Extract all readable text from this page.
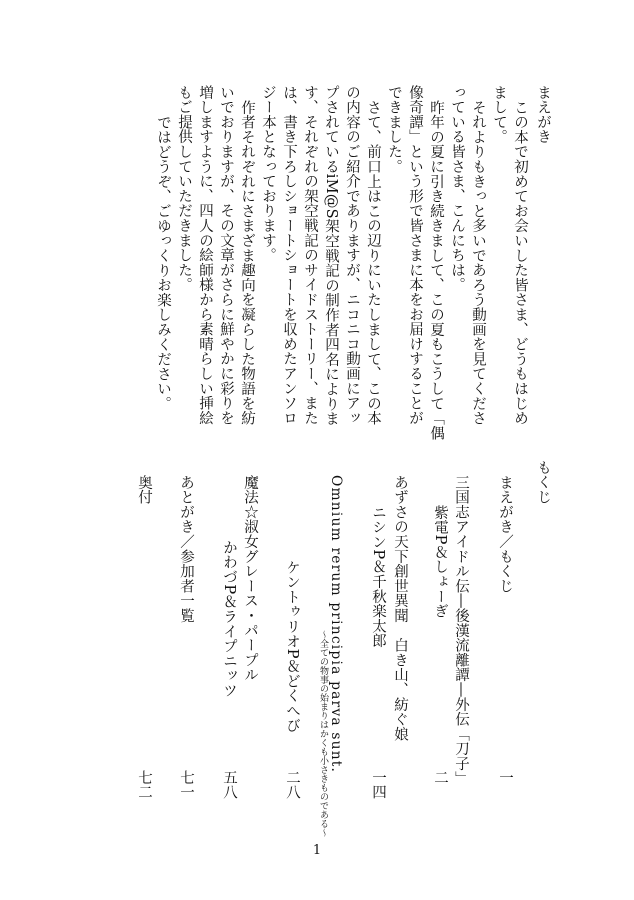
まえがき
この本で初めてお会いした皆さま、どうもはじめ
まして。
それよりもきっと多いであろう動画を見てくださ
っている皆さま、こんにちは。
昨年の夏に引き続きまして、この夏もこうして「偶
像奇譚」という形で皆さまに本をお届けすることが
できました。
さて、前口上はこの辺りにいたしまして、この本
の内容のご紹介でありますが、ニコニコ動画にアッ
プされているiM@S架空戦記の制作者四名によりま
す、それぞれの架空戦記のサイドストーリー、また
は、書き下ろしショートショートを収めたアンソロ
ジー本となっております。
作者それぞれにさまざま趣向を凝らした物語を紡
いでおりますが、その文章がさらに鮮やかに彩りを
増しますように、四人の絵師様から素晴らしい挿絵
もご提供していただきました。
ではどうぞ、ごゆっくりお楽しみください。
もくじ
まえがき／もくじ
一
三国志アイドル伝―後漢流離譚―外伝「刀子」
紫電P＆しょーぎ
二
あずさの天下創世異聞　白き山、紡ぐ娘
ニシンP＆千秋楽太郎
一四
Omnium rerum principia parva sunt.
〜全ての物事の始まりはかくも小さきものである〜
ケントゥリオP＆どくへび
二八
魔法☆淑女グレース・パープル
かわづP＆ライプニッツ
五八
あとがき／参加者一覧
七一
奥付
七二
1
